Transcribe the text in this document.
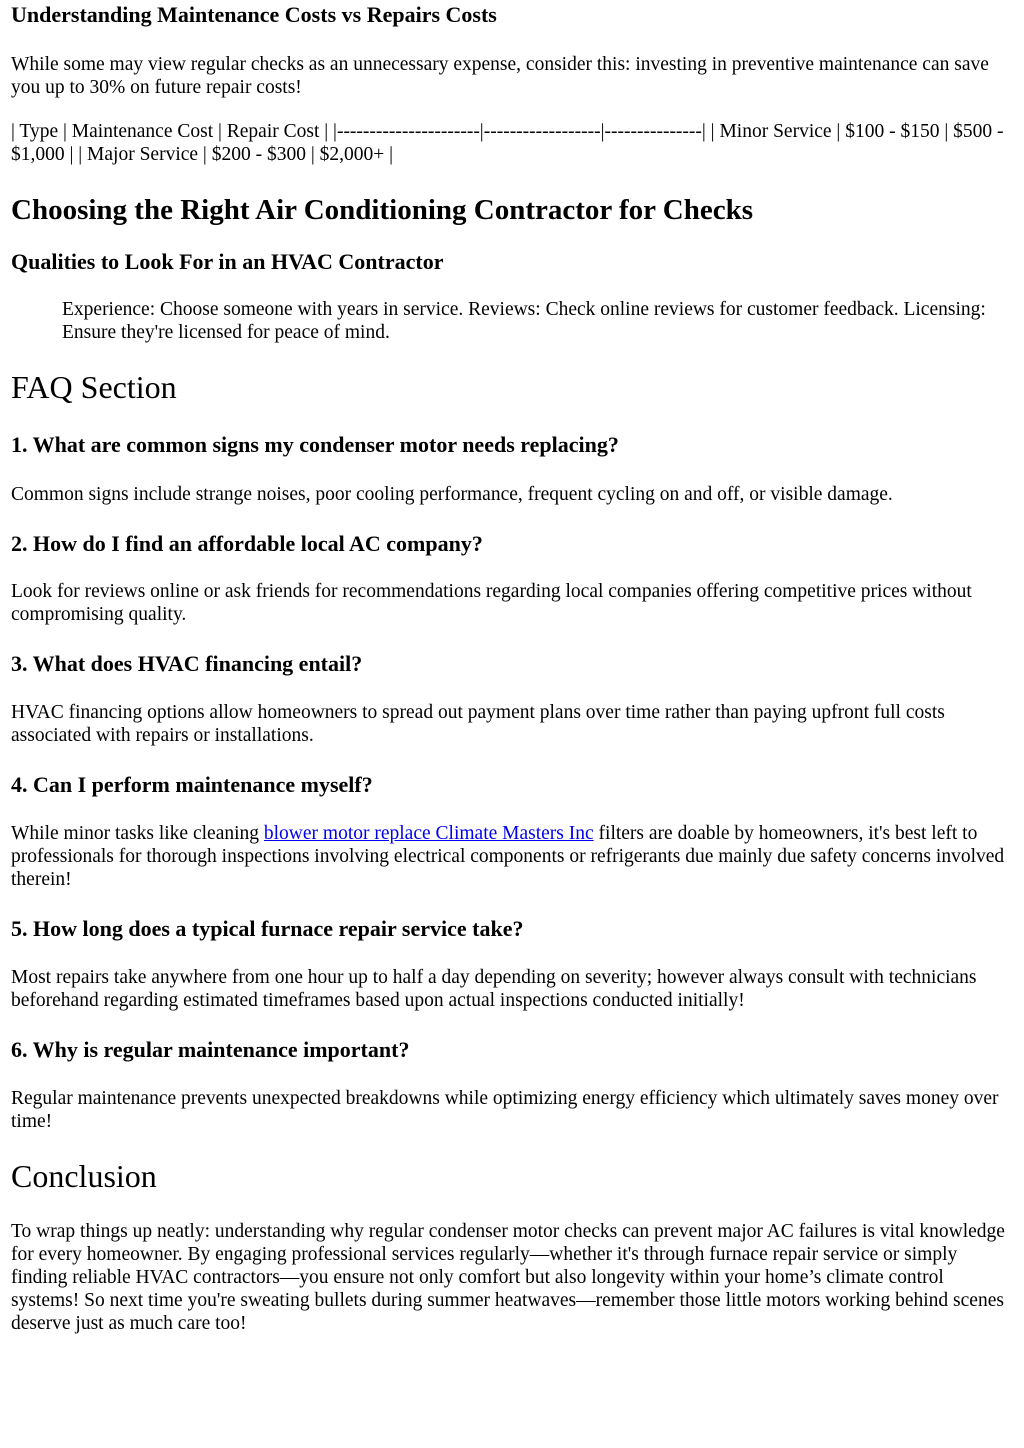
Understanding Maintenance Costs vs Repairs Costs

While some may view regular checks as an unnecessary expense, consider this: investing in preventive maintenance can save you up to 30% on future repair costs!

| Type | Maintenance Cost | Repair Cost | |----------------------|------------------|---------------| | Minor Service | $100 - $150 | $500 - $1,000 | | Major Service | $200 - $300 | $2,000+ |

Choosing the Right Air Conditioning Contractor for Checks
Qualities to Look For in an HVAC Contractor
Experience: Choose someone with years in service. Reviews: Check online reviews for customer feedback. Licensing: Ensure they're licensed for peace of mind.
FAQ Section
1. What are common signs my condenser motor needs replacing?

Common signs include strange noises, poor cooling performance, frequent cycling on and off, or visible damage.

2. How do I find an affordable local AC company?

Look for reviews online or ask friends for recommendations regarding local companies offering competitive prices without compromising quality.

3. What does HVAC financing entail?

HVAC financing options allow homeowners to spread out payment plans over time rather than paying upfront full costs associated with repairs or installations.

4. Can I perform maintenance myself?

While minor tasks like cleaning blower motor replace Climate Masters Inc filters are doable by homeowners, it's best left to professionals for thorough inspections involving electrical components or refrigerants due mainly due safety concerns involved therein!

5. How long does a typical furnace repair service take?

Most repairs take anywhere from one hour up to half a day depending on severity; however always consult with technicians beforehand regarding estimated timeframes based upon actual inspections conducted initially!

6. Why is regular maintenance important?

Regular maintenance prevents unexpected breakdowns while optimizing energy efficiency which ultimately saves money over time!

Conclusion

To wrap things up neatly: understanding why regular condenser motor checks can prevent major AC failures is vital knowledge for every homeowner. By engaging professional services regularly—whether it's through furnace repair service or simply finding reliable HVAC contractors—you ensure not only comfort but also longevity within your home’s climate control systems! So next time you're sweating bullets during summer heatwaves—remember those little motors working behind scenes deserve just as much care too!
